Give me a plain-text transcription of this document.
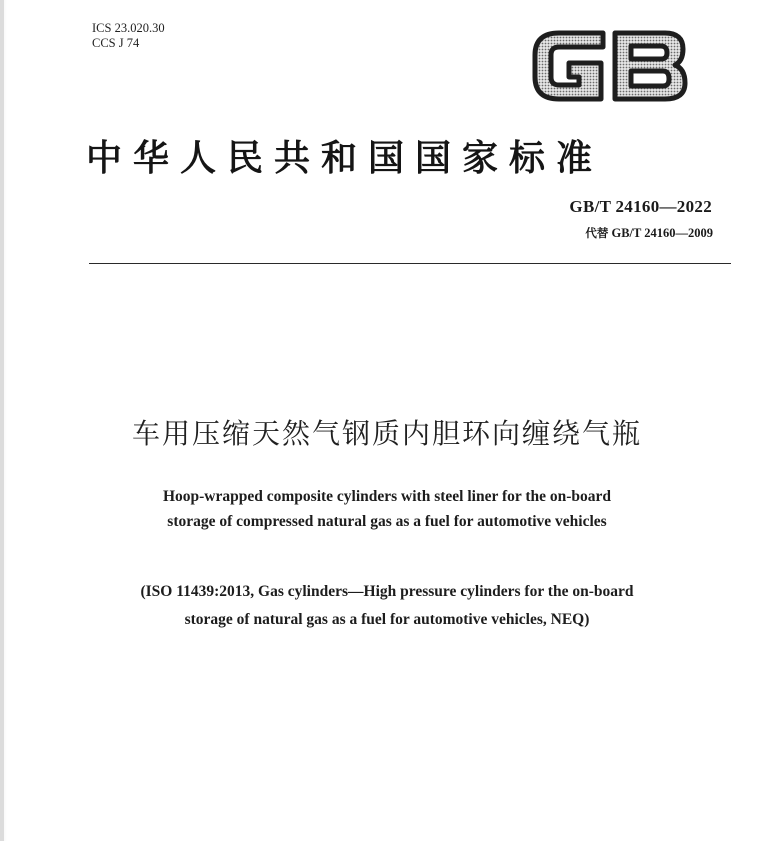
ICS 23.020.30
CCS J 74
中华人民共和国国家标准
GB/T 24160—2022
代替 GB/T 24160—2009
车用压缩天然气钢质内胆环向缠绕气瓶
Hoop-wrapped composite cylinders with steel liner for the on-board
storage of compressed natural gas as a fuel for automotive vehicles
(ISO 11439:2013, Gas cylinders—High pressure cylinders for the on-board
storage of natural gas as a fuel for automotive vehicles, NEQ)
